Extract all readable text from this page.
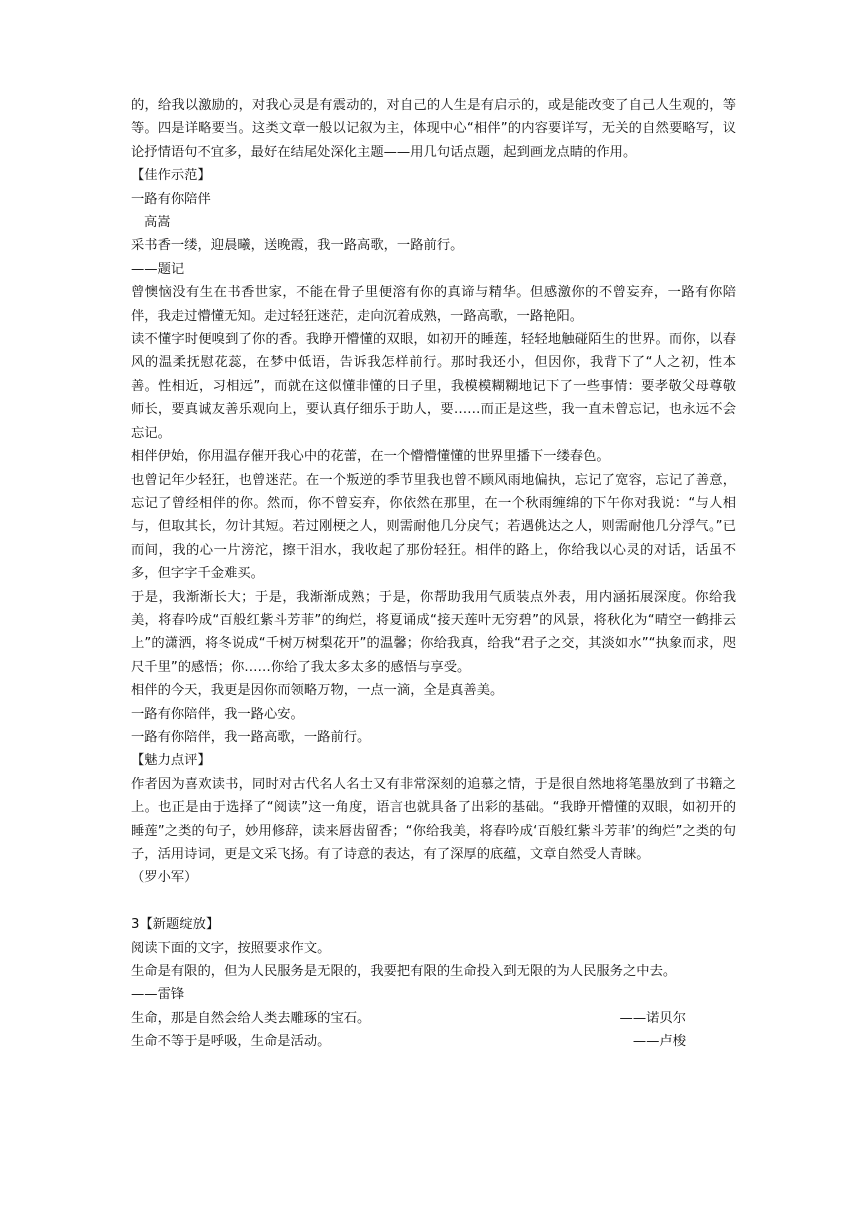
的，给我以激励的，对我心灵是有震动的，对自己的人生是有启示的，或是能改变了自己人生观的，等等。四是详略要当。这类文章一般以记叙为主，体现中心“相伴”的内容要详写，无关的自然要略写，议论抒情语句不宜多，最好在结尾处深化主题——用几句话点题，起到画龙点睛的作用。

【佳作示范】

一路有你陪伴

高嵩

采书香一缕，迎晨曦，送晚霞，我一路高歌，一路前行。

——题记

曾懊恼没有生在书香世家，不能在骨子里便溶有你的真谛与精华。但感激你的不曾妄弃，一路有你陪伴，我走过懵懂无知。走过轻狂迷茫，走向沉着成熟，一路高歌，一路艳阳。

读不懂字时便嗅到了你的香。我睁开懵懂的双眼，如初开的睡莲，轻轻地触碰陌生的世界。而你，以春风的温柔抚慰花蕊，在梦中低语，告诉我怎样前行。那时我还小，但因你，我背下了“人之初，性本善。性相近，习相远”，而就在这似懂非懂的日子里，我模模糊糊地记下了一些事情：要孝敬父母尊敬师长，要真诚友善乐观向上，要认真仔细乐于助人，要……而正是这些，我一直未曾忘记，也永远不会忘记。

相伴伊始，你用温存催开我心中的花蕾，在一个懵懵懂懂的世界里播下一缕春色。

也曾记年少轻狂，也曾迷茫。在一个叛逆的季节里我也曾不顾风雨地偏执，忘记了宽容，忘记了善意，忘记了曾经相伴的你。然而，你不曾妄弃，你依然在那里，在一个秋雨缠绵的下午你对我说：“与人相与，但取其长，勿计其短。若过刚梗之人，则需耐他几分戾气；若遇佻达之人，则需耐他几分浮气。”已而间，我的心一片滂沱，擦干泪水，我收起了那份轻狂。相伴的路上，你给我以心灵的对话，话虽不多，但字字千金难买。

于是，我渐渐长大；于是，我渐渐成熟；于是，你帮助我用气质装点外表，用内涵拓展深度。你给我美，将春吟成“百般红紫斗芳菲”的绚烂，将夏诵成“接天莲叶无穷碧”的风景，将秋化为“晴空一鹤排云上”的潇洒，将冬说成“千树万树梨花开”的温馨；你给我真，给我“君子之交，其淡如水”“执象而求，咫尺千里”的感悟；你……你给了我太多太多的感悟与享受。

相伴的今天，我更是因你而领略万物，一点一滴，全是真善美。

一路有你陪伴，我一路心安。

一路有你陪伴，我一路高歌，一路前行。

【魅力点评】

作者因为喜欢读书，同时对古代名人名士又有非常深刻的追慕之情，于是很自然地将笔墨放到了书籍之上。也正是由于选择了“阅读”这一角度，语言也就具备了出彩的基础。“我睁开懵懂的双眼，如初开的睡莲”之类的句子，妙用修辞，读来唇齿留香；“你给我美，将春吟成‘百般红紫斗芳菲’的绚烂”之类的句子，活用诗词，更是文采飞扬。有了诗意的表达，有了深厚的底蕴，文章自然受人青睐。

（罗小军）

3【新题绽放】

阅读下面的文字，按照要求作文。

生命是有限的，但为人民服务是无限的，我要把有限的生命投入到无限的为人民服务之中去。

——雷锋

生命，那是自然会给人类去雕琢的宝石。	——诺贝尔
生命不等于是呼吸，生命是活动。	——卢梭
